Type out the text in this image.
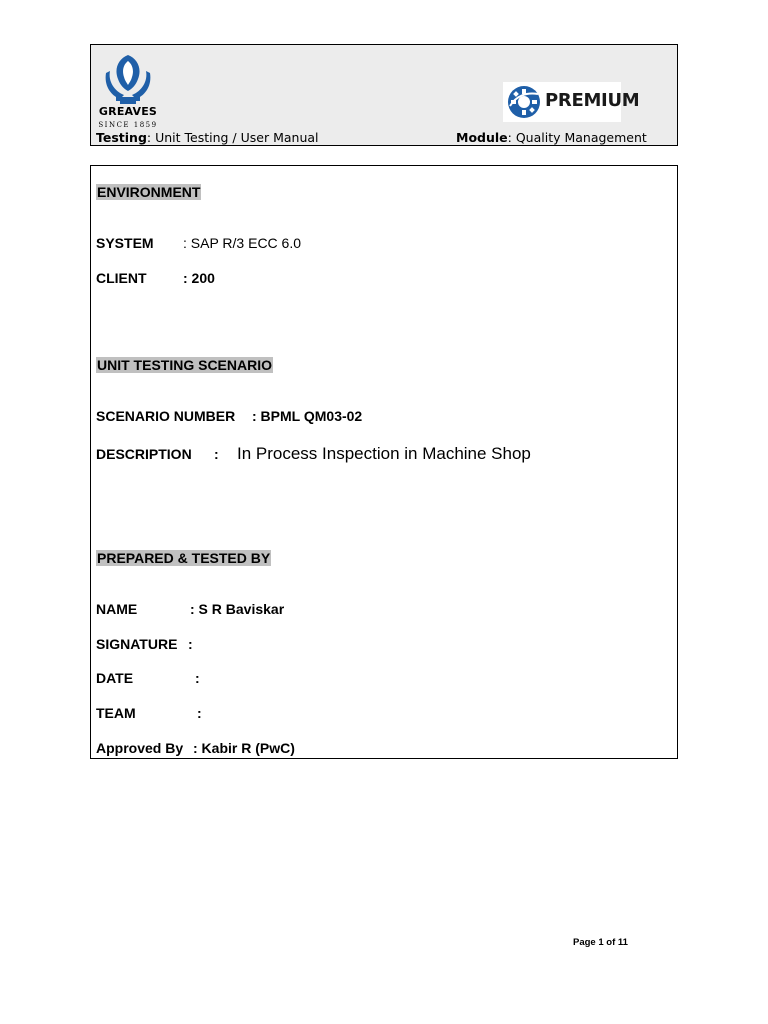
GREAVES
SINCE 1859
PREMIUM
Testing: Unit Testing / User Manual	Module: Quality Management
ENVIRONMENT
SYSTEM : SAP R/3 ECC 6.0
CLIENT	: 200
UNIT TESTING SCENARIO
SCENARIO NUMBER : BPML QM03-02
DESCRIPTION : In Process Inspection in Machine Shop
PREPARED & TESTED BY
NAME	: S R Baviskar
SIGNATURE :
DATE	:
TEAM	:
Approved By : Kabir R (PwC)
Page 1 of 11
